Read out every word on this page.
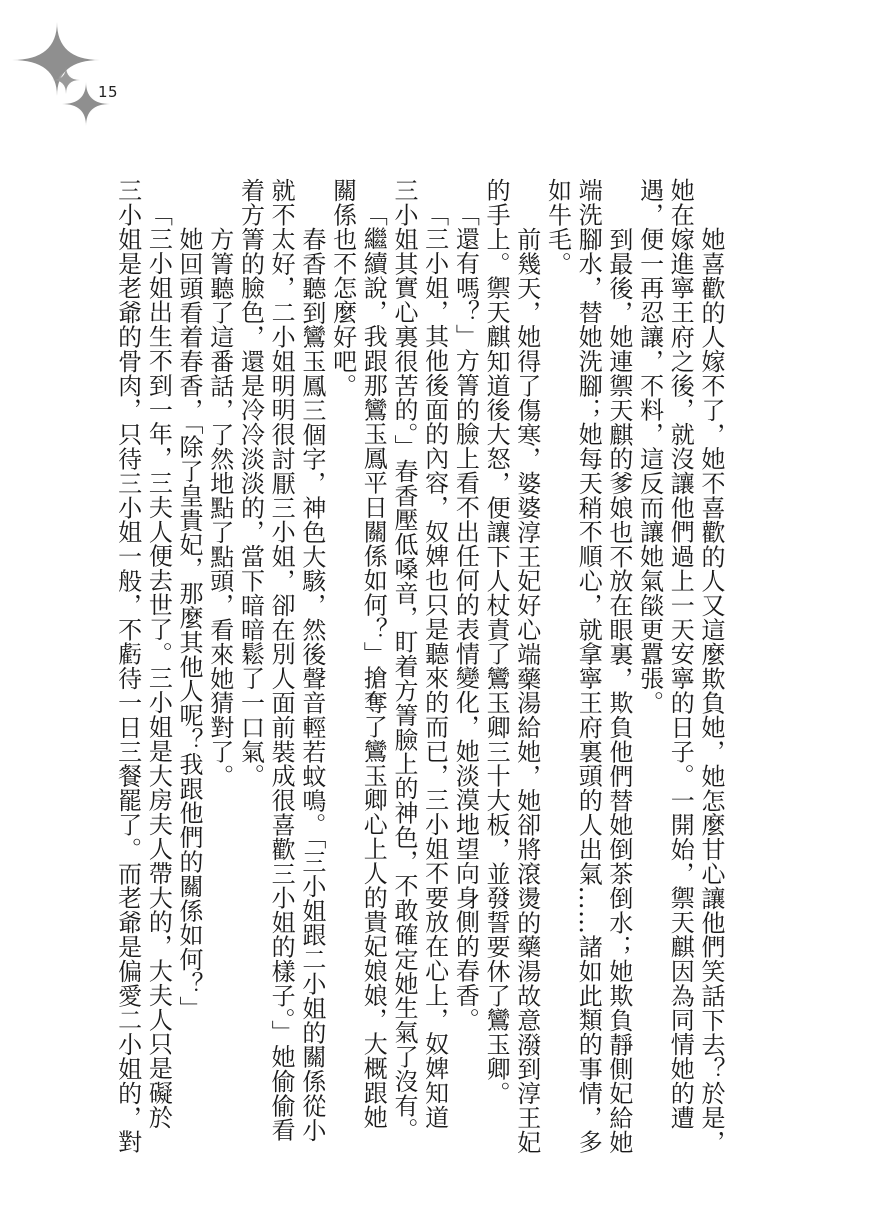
15
她喜歡的人嫁不了，她不喜歡的人又這麼欺負她，她怎麼甘心讓他們笑話下去？於是，
她在嫁進寧王府之後，就沒讓他們過上一天安寧的日子。一開始，禦天麒因為同情她的遭
遇，便一再忍讓，不料，這反而讓她氣燄更囂張。
到最後，她連禦天麒的爹娘也不放在眼裏，欺負他們替她倒茶倒水；她欺負靜側妃給她
端洗腳水，替她洗腳；她每天稍不順心，就拿寧王府裏頭的人出氣……諸如此類的事情，多
如牛毛。
前幾天，她得了傷寒，婆婆淳王妃好心端藥湯給她，她卻將滾燙的藥湯故意潑到淳王妃
的手上。禦天麒知道後大怒，便讓下人杖責了鸞玉卿三十大板，並發誓要休了鸞玉卿。
「還有嗎？」方箐的臉上看不出任何的表情變化，她淡漠地望向身側的春香。
「三小姐，其他後面的內容，奴婢也只是聽來的而已，三小姐不要放在心上，奴婢知道
三小姐其實心裏很苦的。」春香壓低嗓音，盯着方箐臉上的神色，不敢確定她生氣了沒有。
「繼續說，我跟那鸞玉鳳平日關係如何？」搶奪了鸞玉卿心上人的貴妃娘娘，大概跟她
關係也不怎麼好吧。
春香聽到鸞玉鳳三個字，神色大駭，然後聲音輕若蚊鳴。「三小姐跟二小姐的關係從小
就不太好，二小姐明明很討厭三小姐，卻在別人面前裝成很喜歡三小姐的樣子。」她偷偷看
着方箐的臉色，還是冷冷淡淡的，當下暗暗鬆了一口氣。
方箐聽了這番話，了然地點了點頭，看來她猜對了。
她回頭看着春香，「除了皇貴妃，那麼其他人呢？我跟他們的關係如何？」
「三小姐出生不到一年，三夫人便去世了。三小姐是大房夫人帶大的，大夫人只是礙於
三小姐是老爺的骨肉，只待三小姐一般，不虧待一日三餐罷了。而老爺是偏愛二小姐的，對
